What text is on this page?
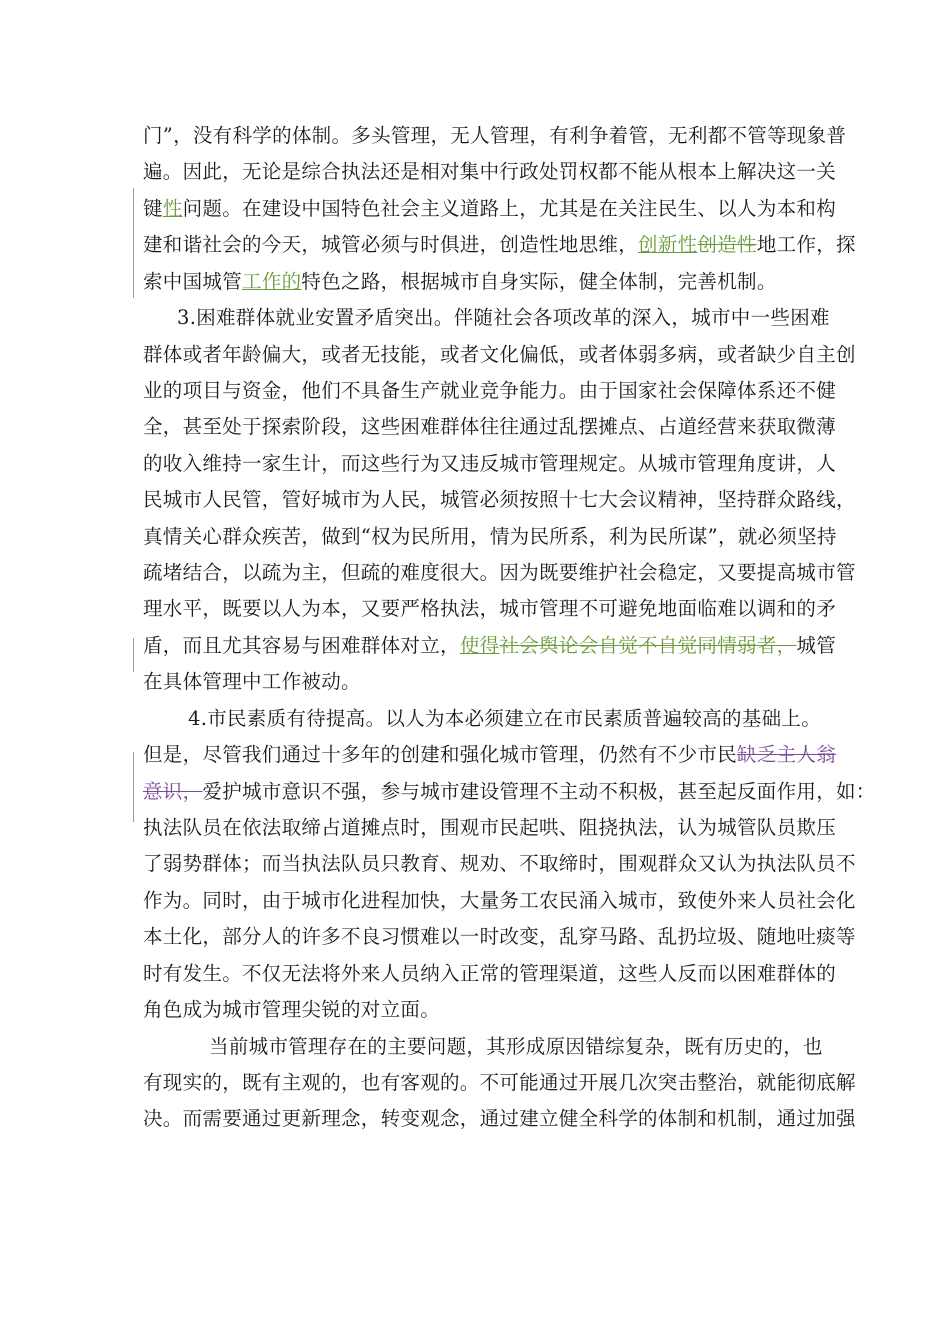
门”，没有科学的体制。多头管理，无人管理，有利争着管，无利都不管等现象普
遍。因此，无论是综合执法还是相对集中行政处罚权都不能从根本上解决这一关
键性问题。在建设中国特色社会主义道路上，尤其是在关注民生、以人为本和构
建和谐社会的今天，城管必须与时俱进，创造性地思维，创新性创造性地工作，探
索中国城管工作的特色之路，根据城市自身实际，健全体制，完善机制。
3.困难群体就业安置矛盾突出。伴随社会各项改革的深入，城市中一些困难
群体或者年龄偏大，或者无技能，或者文化偏低，或者体弱多病，或者缺少自主创
业的项目与资金，他们不具备生产就业竞争能力。由于国家社会保障体系还不健
全，甚至处于探索阶段，这些困难群体往往通过乱摆摊点、占道经营来获取微薄
的收入维持一家生计，而这些行为又违反城市管理规定。从城市管理角度讲，人
民城市人民管，管好城市为人民，城管必须按照十七大会议精神，坚持群众路线，
真情关心群众疾苦，做到“权为民所用，情为民所系，利为民所谋”，就必须坚持
疏堵结合，以疏为主，但疏的难度很大。因为既要维护社会稳定，又要提高城市管
理水平，既要以人为本，又要严格执法，城市管理不可避免地面临难以调和的矛
盾，而且尤其容易与困难群体对立，使得社会舆论会自觉不自觉同情弱者，城管
在具体管理中工作被动。
4.市民素质有待提高。以人为本必须建立在市民素质普遍较高的基础上。
但是，尽管我们通过十多年的创建和强化城市管理，仍然有不少市民缺乏主人翁
意识，爱护城市意识不强，参与城市建设管理不主动不积极，甚至起反面作用，如：
执法队员在依法取缔占道摊点时，围观市民起哄、阻挠执法，认为城管队员欺压
了弱势群体；而当执法队员只教育、规劝、不取缔时，围观群众又认为执法队员不
作为。同时，由于城市化进程加快，大量务工农民涌入城市，致使外来人员社会化
本土化，部分人的许多不良习惯难以一时改变，乱穿马路、乱扔垃圾、随地吐痰等
时有发生。不仅无法将外来人员纳入正常的管理渠道，这些人反而以困难群体的
角色成为城市管理尖锐的对立面。
当前城市管理存在的主要问题，其形成原因错综复杂，既有历史的，也
有现实的，既有主观的，也有客观的。不可能通过开展几次突击整治，就能彻底解
决。而需要通过更新理念，转变观念，通过建立健全科学的体制和机制，通过加强
